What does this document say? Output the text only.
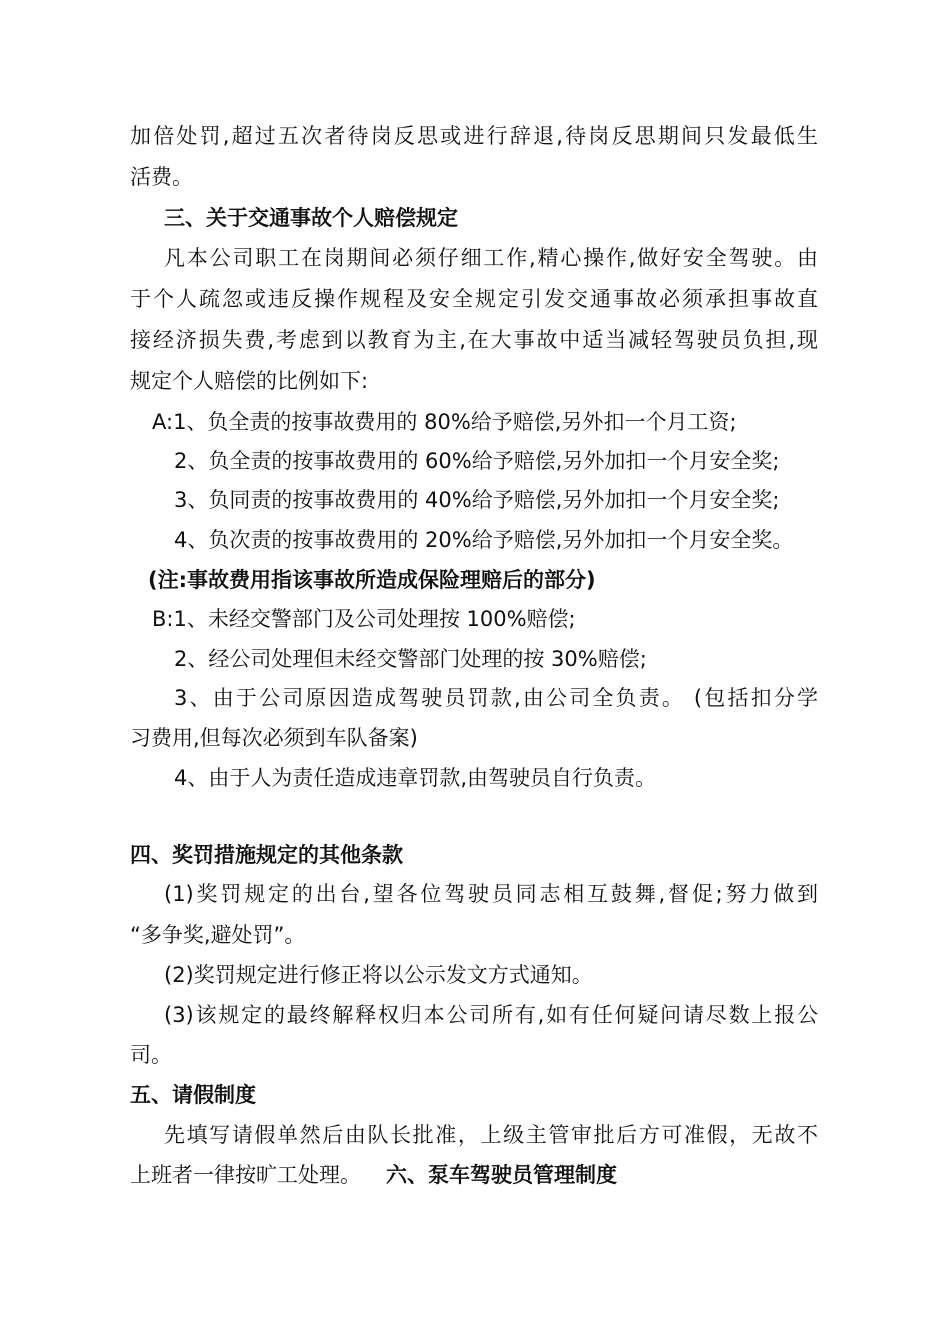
加倍处罚,超过五次者待岗反思或进行辞退,待岗反思期间只发最低生

活费。

三、关于交通事故个人赔偿规定

凡本公司职工在岗期间必须仔细工作,精心操作,做好安全驾驶。由

于个人疏忽或违反操作规程及安全规定引发交通事故必须承担事故直

接经济损失费,考虑到以教育为主,在大事故中适当减轻驾驶员负担,现

规定个人赔偿的比例如下:

A:1、负全责的按事故费用的 80%给予赔偿,另外扣一个月工资;

2、负全责的按事故费用的 60%给予赔偿,另外加扣一个月安全奖;

3、负同责的按事故费用的 40%给予赔偿,另外加扣一个月安全奖;

4、负次责的按事故费用的 20%给予赔偿,另外加扣一个月安全奖。

(注:事故费用指该事故所造成保险理赔后的部分)

B:1、未经交警部门及公司处理按 100%赔偿;

2、经公司处理但未经交警部门处理的按 30%赔偿;

3、由于公司原因造成驾驶员罚款,由公司全负责。 (包括扣分学

习费用,但每次必须到车队备案)

4、由于人为责任造成违章罚款,由驾驶员自行负责。

四、奖罚措施规定的其他条款

(1)奖罚规定的出台,望各位驾驶员同志相互鼓舞,督促;努力做到

“多争奖,避处罚”。

(2)奖罚规定进行修正将以公示发文方式通知。

(3)该规定的最终解释权归本公司所有,如有任何疑问请尽数上报公

司。

五、请假制度

先填写请假单然后由队长批准，上级主管审批后方可准假，无故不

上班者一律按旷工处理。 六、泵车驾驶员管理制度
